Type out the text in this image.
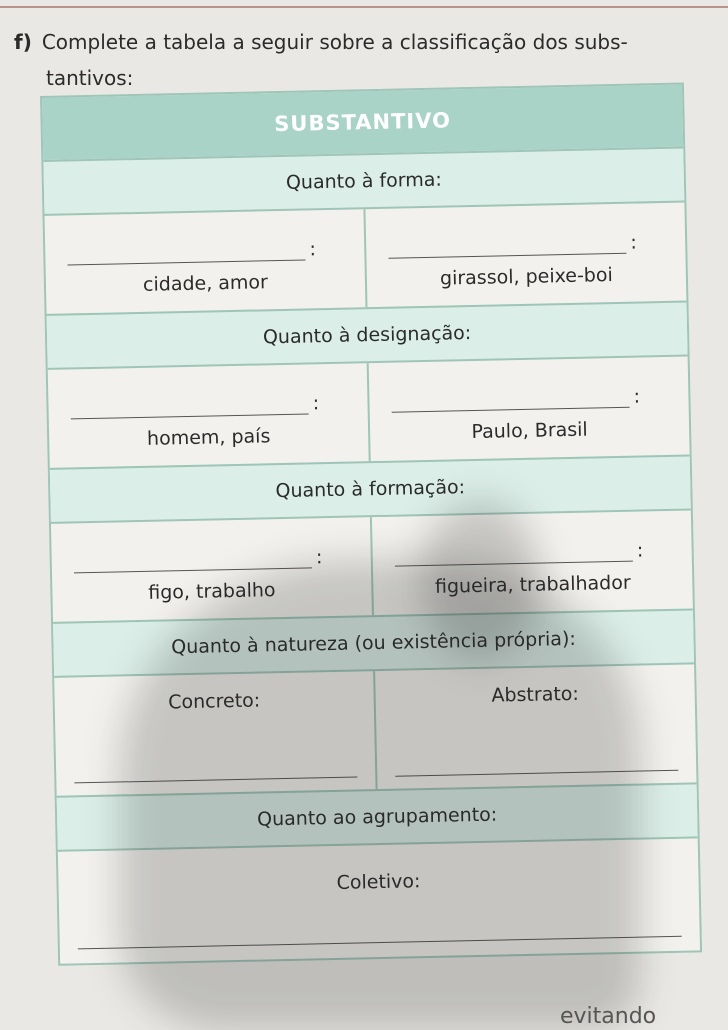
f) Complete a tabela a seguir sobre a classificação dos subs-
tantivos:
SUBSTANTIVO
Quanto à forma:
:
cidade, amor
:
girassol, peixe-boi
Quanto à designação:
:
homem, país
:
Paulo, Brasil
Quanto à formação:
:
figo, trabalho
:
figueira, trabalhador
Quanto à natureza (ou existência própria):
Concreto:	Abstrato:
Quanto ao agrupamento:
Coletivo:
evitando
